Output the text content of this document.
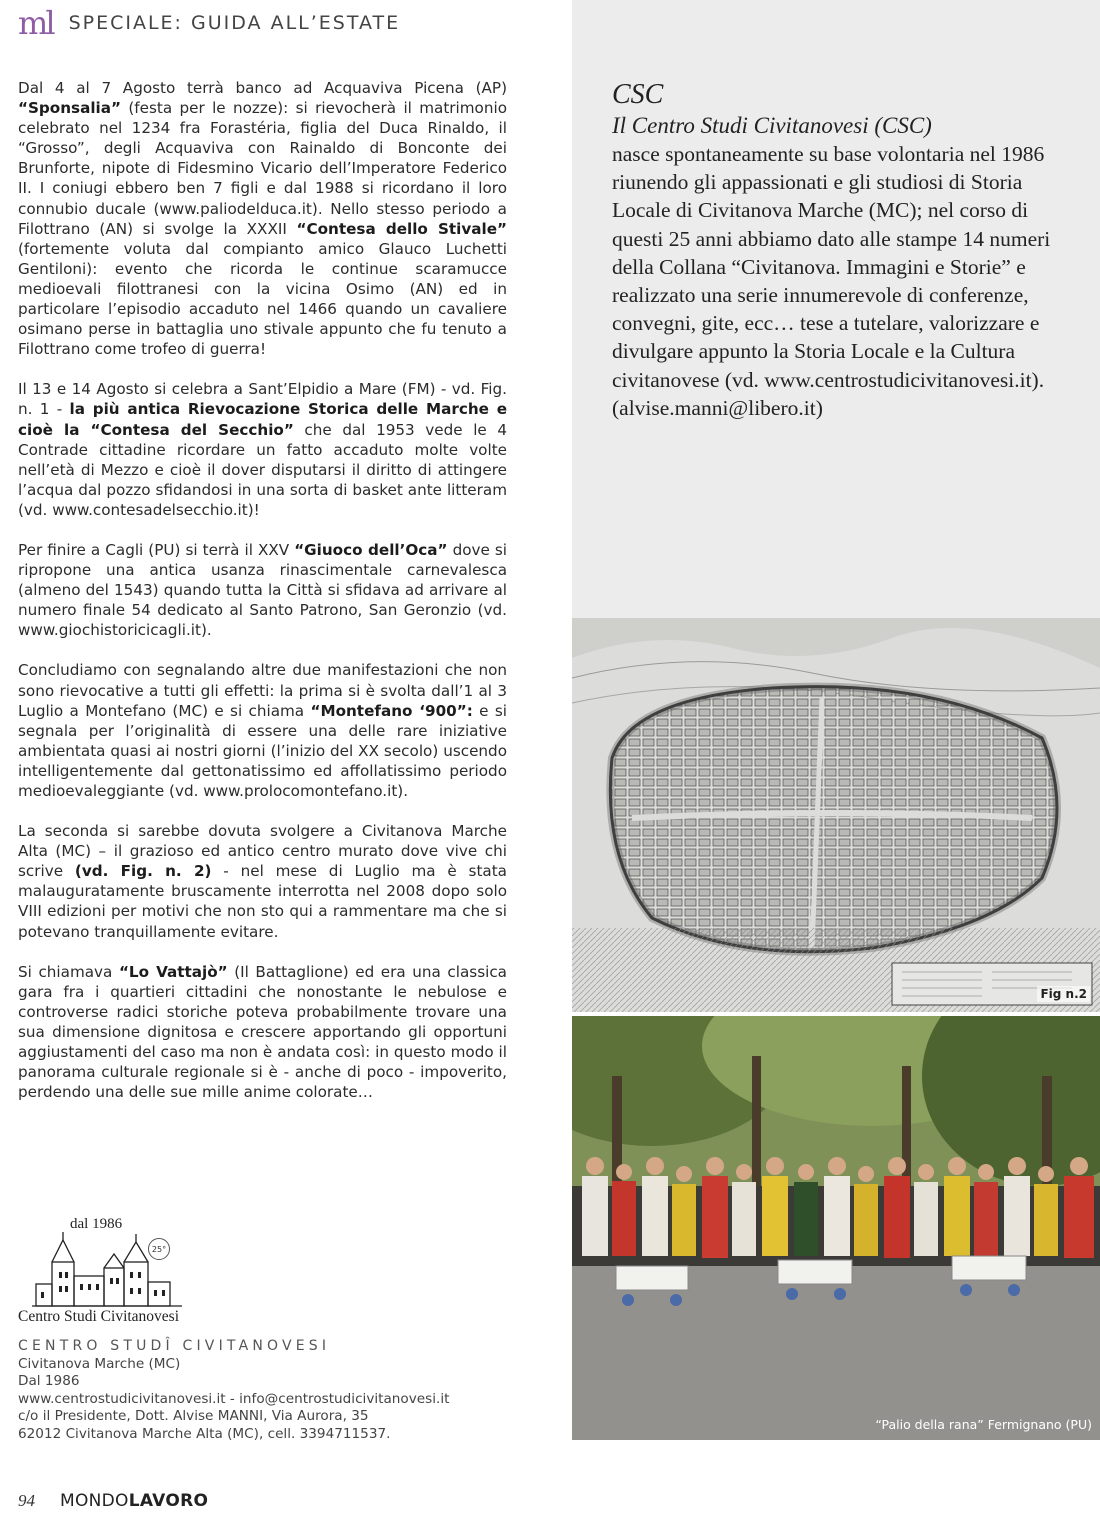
ml SPECIALE: GUIDA ALL’ESTATE

Dal 4 al 7 Agosto terrà banco ad Acquaviva Picena (AP) “Sponsalia” (festa per le nozze): si rievocherà il matrimonio celebrato nel 1234 fra Forastéria, figlia del Duca Rinaldo, il “Grosso”, degli Acquaviva con Rainaldo di Bonconte dei Brunforte, nipote di Fidesmino Vicario dell’Imperatore Federico II. I coniugi ebbero ben 7 figli e dal 1988 si ricordano il loro connubio ducale (www.paliodelduca.it). Nello stesso periodo a Filottrano (AN) si svolge la XXXII “Contesa dello Stivale” (fortemente voluta dal compianto amico Glauco Luchetti Gentiloni): evento che ricorda le continue scaramucce medioevali filottranesi con la vicina Osimo (AN) ed in particolare l’episodio accaduto nel 1466 quando un cavaliere osimano perse in battaglia uno stivale appunto che fu tenuto a Filottrano come trofeo di guerra!

Il 13 e 14 Agosto si celebra a Sant’Elpidio a Mare (FM) - vd. Fig. n. 1 - la più antica Rievocazione Storica delle Marche e cioè la “Contesa del Secchio” che dal 1953 vede le 4 Contrade cittadine ricordare un fatto accaduto molte volte nell’età di Mezzo e cioè il dover disputarsi il diritto di attingere l’acqua dal pozzo sfidandosi in una sorta di basket ante litteram (vd. www.contesadelsecchio.it)!

Per finire a Cagli (PU) si terrà il XXV “Giuoco dell’Oca” dove si ripropone una antica usanza rinascimentale carnevalesca (almeno del 1543) quando tutta la Città si sfidava ad arrivare al numero finale 54 dedicato al Santo Patrono, San Geronzio (vd. www.giochistoricicagli.it).

Concludiamo con segnalando altre due manifestazioni che non sono rievocative a tutti gli effetti: la prima si è svolta dall’1 al 3 Luglio a Montefano (MC) e si chiama “Montefano ‘900”: e si segnala per l’originalità di essere una delle rare iniziative ambientata quasi ai nostri giorni (l’inizio del XX secolo) uscendo intelligentemente dal gettonatissimo ed affollatissimo periodo medioevaleggiante (vd. www.prolocomontefano.it).

La seconda si sarebbe dovuta svolgere a Civitanova Marche Alta (MC) – il grazioso ed antico centro murato dove vive chi scrive (vd. Fig. n. 2) - nel mese di Luglio ma è stata malauguratamente bruscamente interrotta nel 2008 dopo solo VIII edizioni per motivi che non sto qui a rammentare ma che si potevano tranquillamente evitare.

Si chiamava “Lo Vattajò” (Il Battaglione) ed era una classica gara fra i quartieri cittadini che nonostante le nebulose e controverse radici storiche poteva probabilmente trovare una sua dimensione dignitosa e crescere apportando gli opportuni aggiustamenti del caso ma non è andata così: in questo modo il panorama culturale regionale si è - anche di poco - impoverito, perdendo una delle sue mille anime colorate…

dal 1986
25°
Centro Studi Civitanovesi
CENTRO STUDÎ CIVITANOVESI
Civitanova Marche (MC)
Dal 1986
www.centrostudicivitanovesi.it - info@centrostudicivitanovesi.it
c/o il Presidente, Dott. Alvise MANNI, Via Aurora, 35
62012 Civitanova Marche Alta (MC), cell. 3394711537.
94 MONDOLAVORO
CSC
Il Centro Studi Civitanovesi (CSC)
nasce spontaneamente su base volontaria nel 1986 riunendo gli appassionati e gli studiosi di Storia Locale di Civitanova Marche (MC); nel corso di questi 25 anni abbiamo dato alle stampe 14 numeri della Collana “Civitanova. Immagini e Storie” e realizzato una serie innumerevole di conferenze, convegni, gite, ecc… tese a tutelare, valorizzare e divulgare appunto la Storia Locale e la Cultura civitanovese (vd. www.centrostudicivitanovesi.it). (alvise.manni@libero.it)
Fig n.2
“Palio della rana” Fermignano (PU)
